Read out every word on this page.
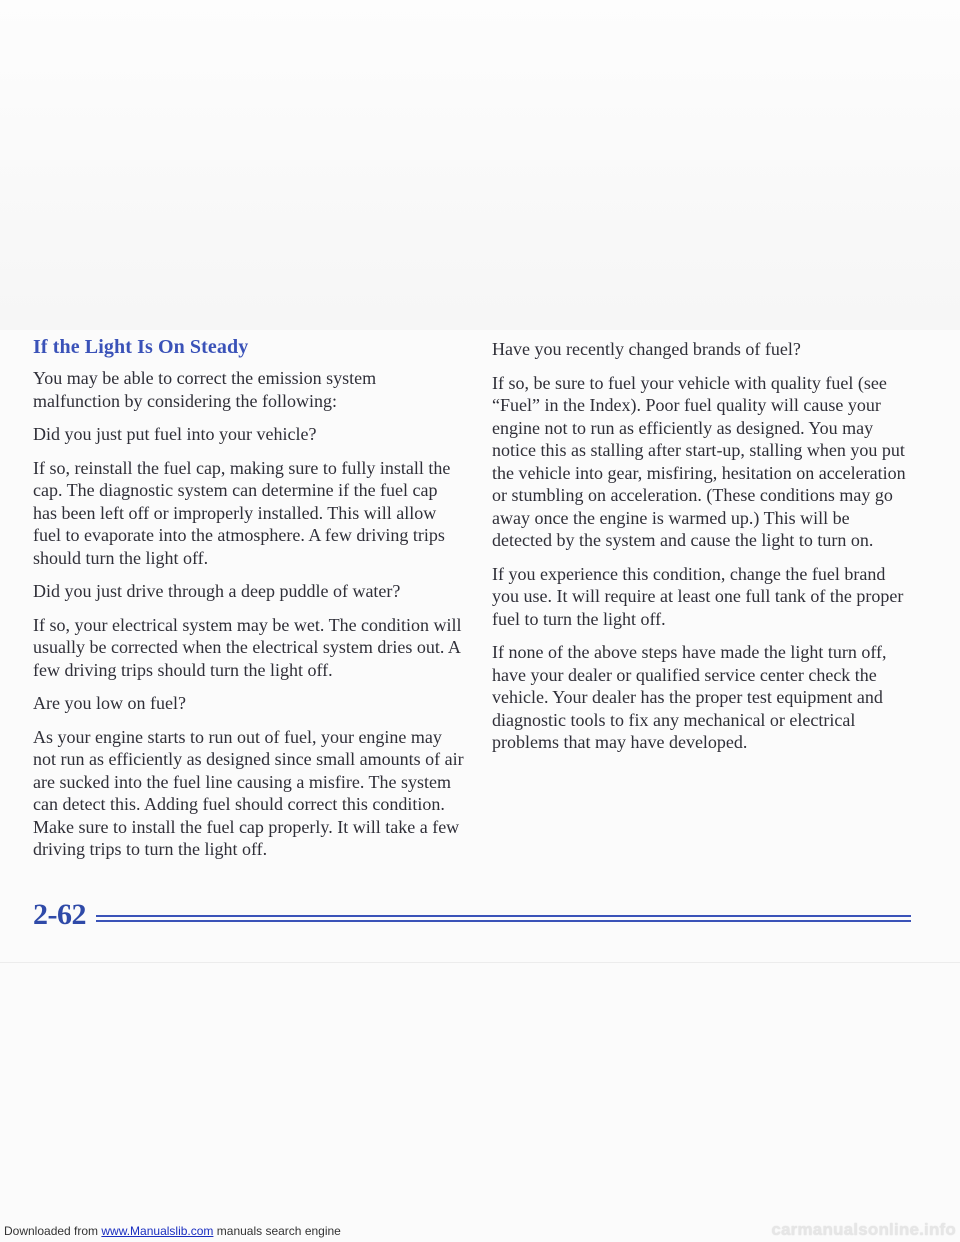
If the Light Is On Steady

You may be able to correct the emission system malfunction by considering the following:

Did you just put fuel into your vehicle?

If so, reinstall the fuel cap, making sure to fully install the cap. The diagnostic system can determine if the fuel cap has been left off or improperly installed. This will allow fuel to evaporate into the atmosphere. A few driving trips should turn the light off.

Did you just drive through a deep puddle of water?

If so, your electrical system may be wet. The condition will usually be corrected when the electrical system dries out. A few driving trips should turn the light off.

Are you low on fuel?

As your engine starts to run out of fuel, your engine may not run as efficiently as designed since small amounts of air are sucked into the fuel line causing a misfire. The system can detect this. Adding fuel should correct this condition. Make sure to install the fuel cap properly. It will take a few driving trips to turn the light off.

Have you recently changed brands of fuel?

If so, be sure to fuel your vehicle with quality fuel (see “Fuel” in the Index). Poor fuel quality will cause your engine not to run as efficiently as designed. You may notice this as stalling after start-up, stalling when you put the vehicle into gear, misfiring, hesitation on acceleration or stumbling on acceleration. (These conditions may go away once the engine is warmed up.) This will be detected by the system and cause the light to turn on.

If you experience this condition, change the fuel brand you use. It will require at least one full tank of the proper fuel to turn the light off.

If none of the above steps have made the light turn off, have your dealer or qualified service center check the vehicle. Your dealer has the proper test equipment and diagnostic tools to fix any mechanical or electrical problems that may have developed.

2-62
Downloaded from www.Manualslib.com manuals search engine	carmanualsonline.info
